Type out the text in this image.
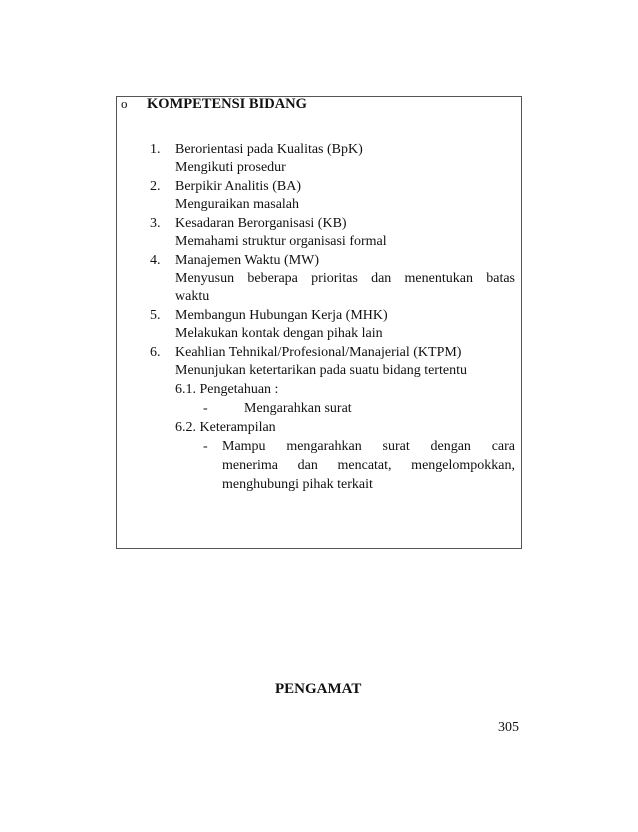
o KOMPETENSI BIDANG
1.	Berorientasi pada Kualitas (BpK)
Mengikuti prosedur
2.	Berpikir Analitis (BA)
Menguraikan masalah
3.	Kesadaran Berorganisasi (KB)
Memahami struktur organisasi formal
4.	Manajemen Waktu (MW)
Menyusun beberapa prioritas dan menentukan batas
waktu
5.	Membangun Hubungan Kerja (MHK)
Melakukan kontak dengan pihak lain
6.	Keahlian Tehnikal/Profesional/Manajerial (KTPM)
Menunjukan ketertarikan pada suatu bidang tertentu
6.1. Pengetahuan :
-	Mengarahkan surat
6.2. Keterampilan
- Mampu mengarahkan surat dengan cara
menerima dan mencatat, mengelompokkan,
menghubungi pihak terkait
PENGAMAT
305
